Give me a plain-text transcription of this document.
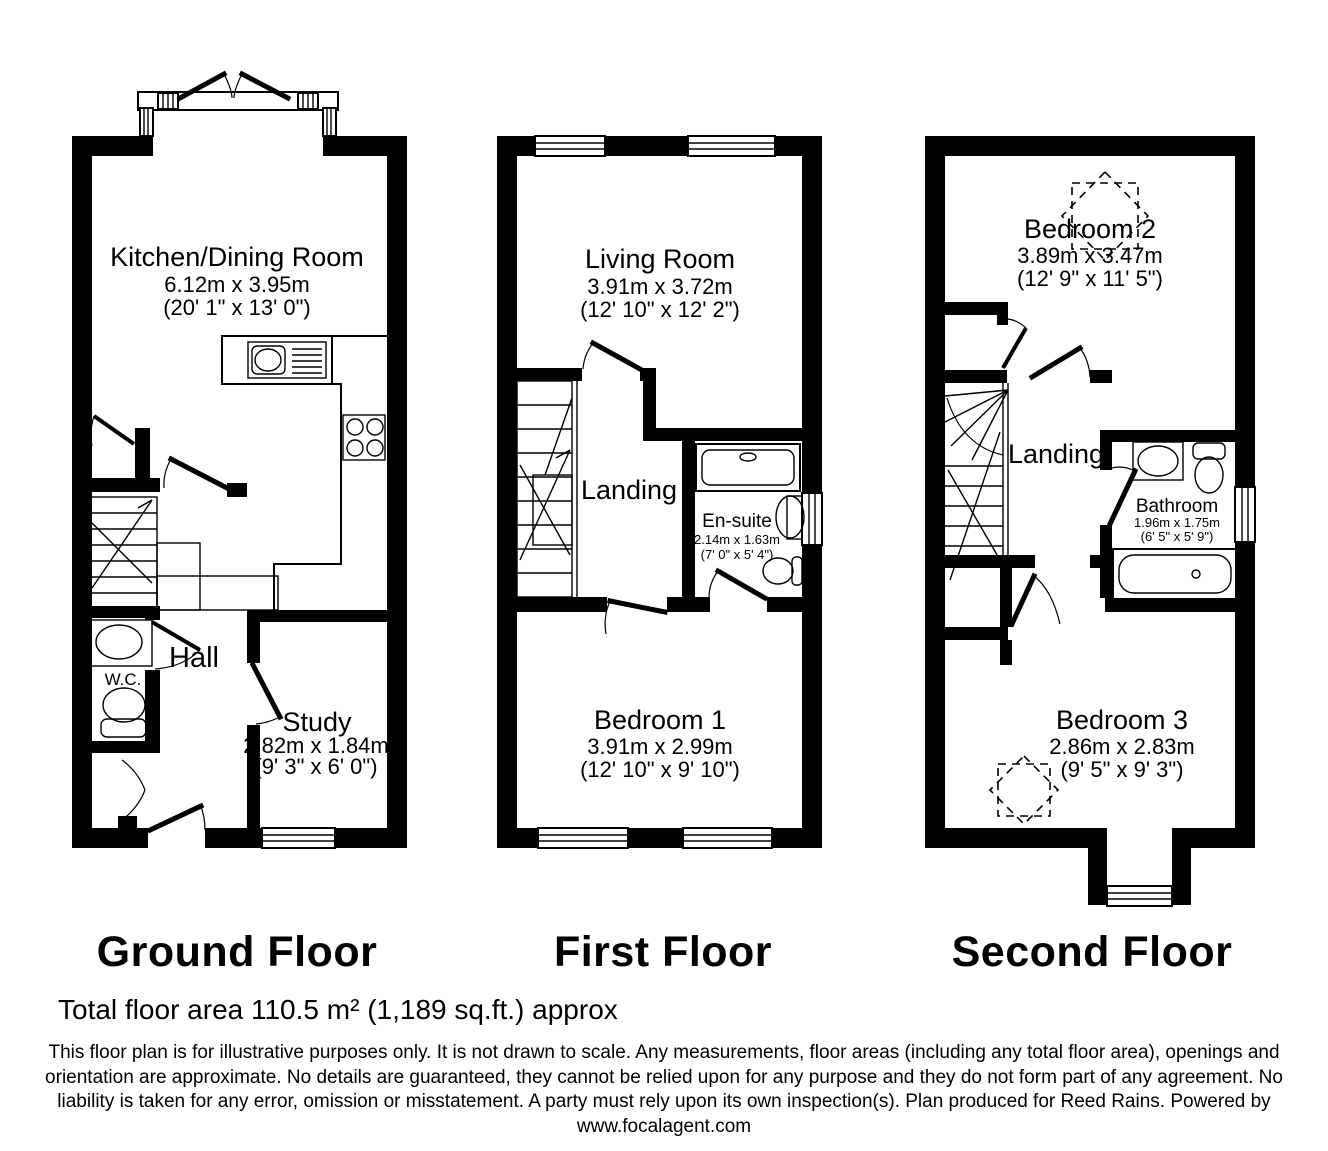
Kitchen/Dining Room
6.12m x 3.95m
(20' 1" x 13' 0")
Hall
W.C.
Study
2.82m x 1.84m
(9' 3" x 6' 0")
Living Room
3.91m x 3.72m
(12' 10" x 12' 2")
Landing
En-suite
2.14m x 1.63m
(7' 0" x 5' 4")
Bedroom 1
3.91m x 2.99m
(12' 10" x 9' 10")
Bedroom 2
3.89m x 3.47m
(12' 9" x 11' 5")
Landing
Bathroom
1.96m x 1.75m
(6' 5" x 5' 9")
Bedroom 3
2.86m x 2.83m
(9' 5" x 9' 3")
Ground Floor	First Floor	Second Floor
Total floor area 110.5 m² (1,189 sq.ft.) approx
This floor plan is for illustrative purposes only. It is not drawn to scale. Any measurements, floor areas (including any total floor area), openings and
orientation are approximate. No details are guaranteed, they cannot be relied upon for any purpose and they do not form part of any agreement. No
liability is taken for any error, omission or misstatement. A party must rely upon its own inspection(s). Plan produced for Reed Rains. Powered by
www.focalagent.com
